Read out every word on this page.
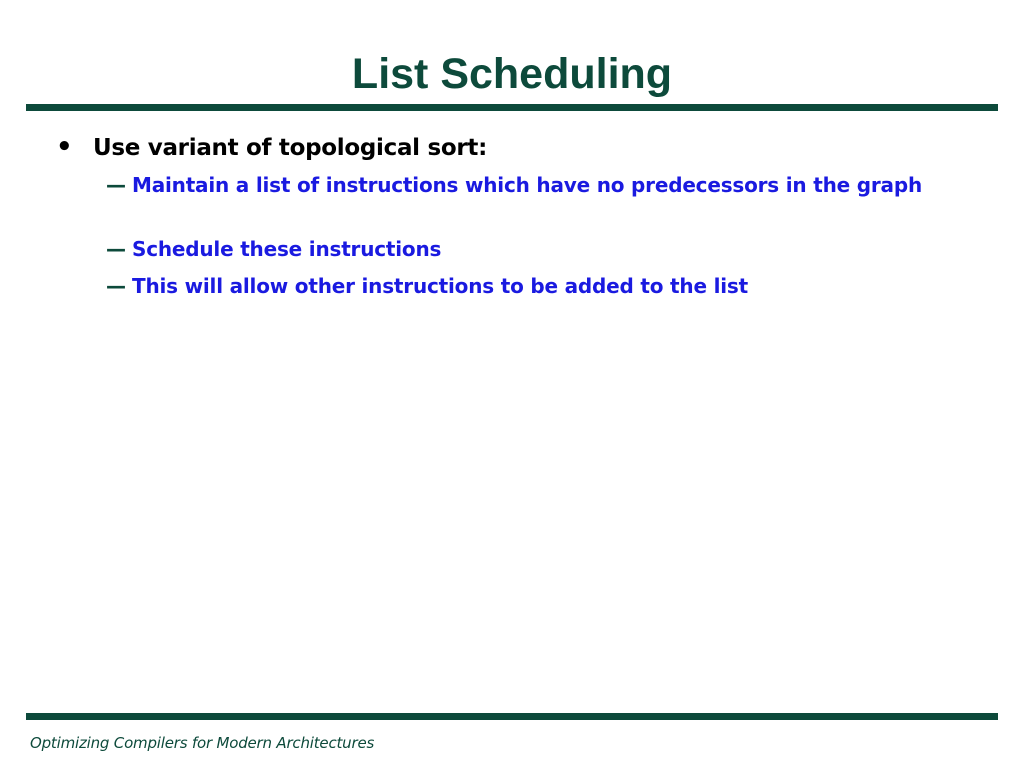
List Scheduling
• Use variant of topological sort:
— Maintain a list of instructions which have no predecessors in the graph
— Schedule these instructions
— This will allow other instructions to be added to the list
Optimizing Compilers for Modern Architectures
